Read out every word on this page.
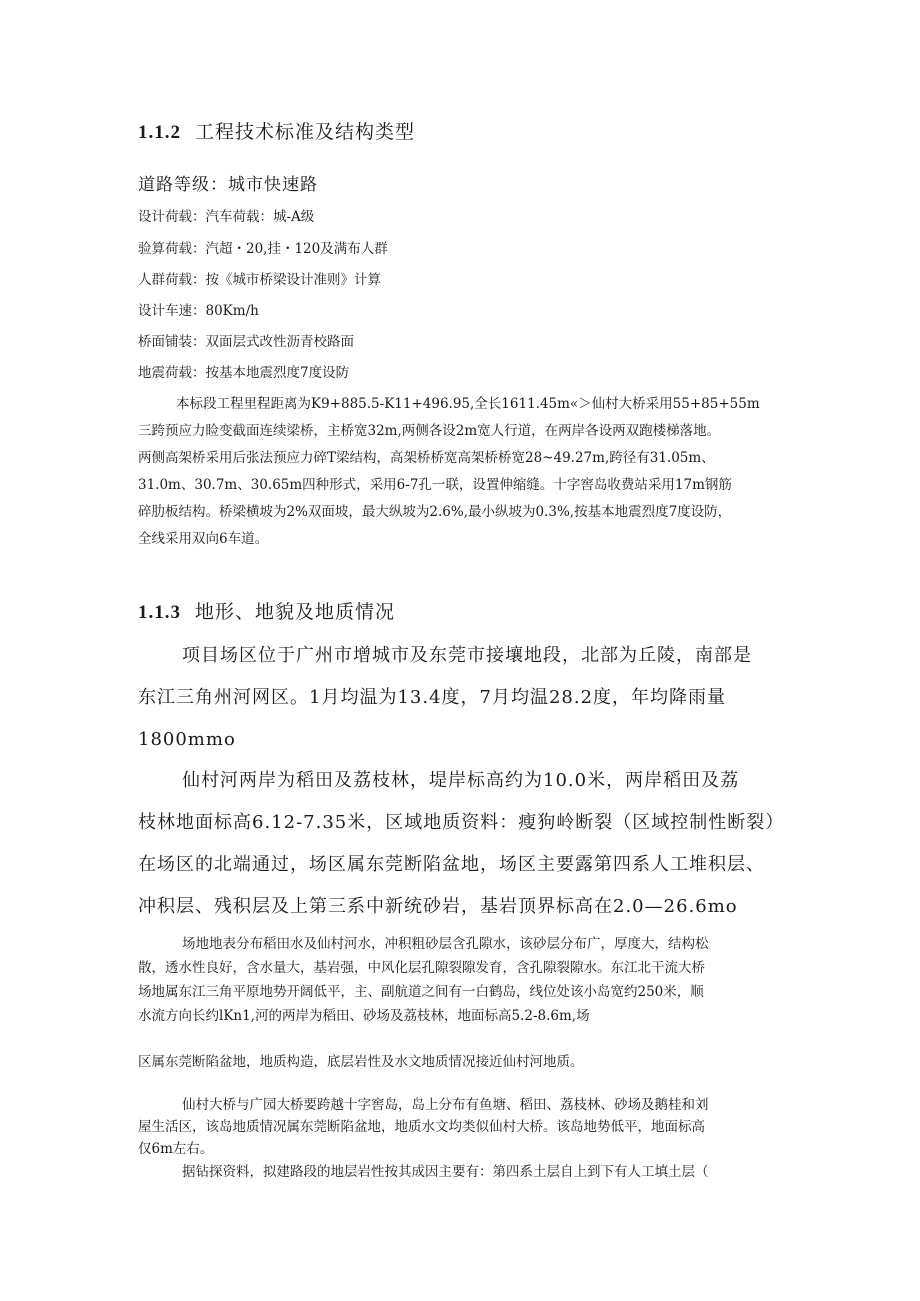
1.1.2 工程技术标准及结构类型
道路等级：城市快速路
设计荷载：汽车荷载：城-A级
验算荷载：汽超・20,挂・120及满布人群
人群荷载：按《城市桥梁设计准则》计算
设计车速：80Km∕h
桥面铺装：双面层式改性沥青校路面
地震荷载：按基本地震烈度7度设防
本标段工程里程距离为K9+885.5-K11+496.95,全长1611.45m«＞仙村大桥采用55+85+55m
三跨预应力睑变截面连续梁桥，主桥宽32m,两侧各设2m宽人行道，在两岸各设两双跑楼梯落地。
两侧高架桥采用后张法预应力碎T梁结构，高架桥桥宽高架桥桥宽28~49.27m,跨径有31.05m、
31.0m、30.7m、30.65m四种形式，采用6-7孔一联，设置伸缩缝。十字窖岛收费站采用17m钢筋
碎肋板结构。桥梁横坡为2%双面坡，最大纵坡为2.6%,最小纵坡为0.3%,按基本地震烈度7度设防，
全线采用双向6车道。
1.1.3 地形、地貌及地质情况
项目场区位于广州市增城市及东莞市接壤地段，北部为丘陵，南部是
东江三角州河网区。1月均温为13.4度，7月均温28.2度，年均降雨量
1800mmo
仙村河两岸为稻田及荔枝林，堤岸标高约为10.0米，两岸稻田及荔
枝林地面标高6.12-7.35米，区域地质资料：瘦狗岭断裂（区域控制性断裂）
在场区的北端通过，场区属东莞断陷盆地，场区主要露第四系人工堆积层、
冲积层、残积层及上第三系中新统砂岩，基岩顶界标高在2.0—26.6mo
场地地表分布稻田水及仙村河水，冲积粗砂层含孔隙水，该砂层分布广，厚度大，结构松
散，透水性良好，含水量大，基岩强，中风化层孔隙裂隙发育，含孔隙裂隙水。东江北干流大桥
场地属东江三角平原地势开阔低平，主、副航道之间有一白鹤岛，线位处该小岛宽约250米，顺
水流方向长约lKn1,河的两岸为稻田、砂场及荔枝林，地面标高5.2-8.6m,场
区属东莞断陷盆地，地质构造，底层岩性及水文地质情况接近仙村河地质。
仙村大桥与广园大桥要跨越十字窖岛，岛上分布有鱼塘、稻田、荔枝林、砂场及鹅桂和刘
屋生活区，该岛地质情况属东莞断陷盆地，地质水文均类似仙村大桥。该岛地势低平，地面标高
仅6m左右。
据钻探资料，拟建路段的地层岩性按其成因主要有：第四系土层自上到下有人工填土层（
